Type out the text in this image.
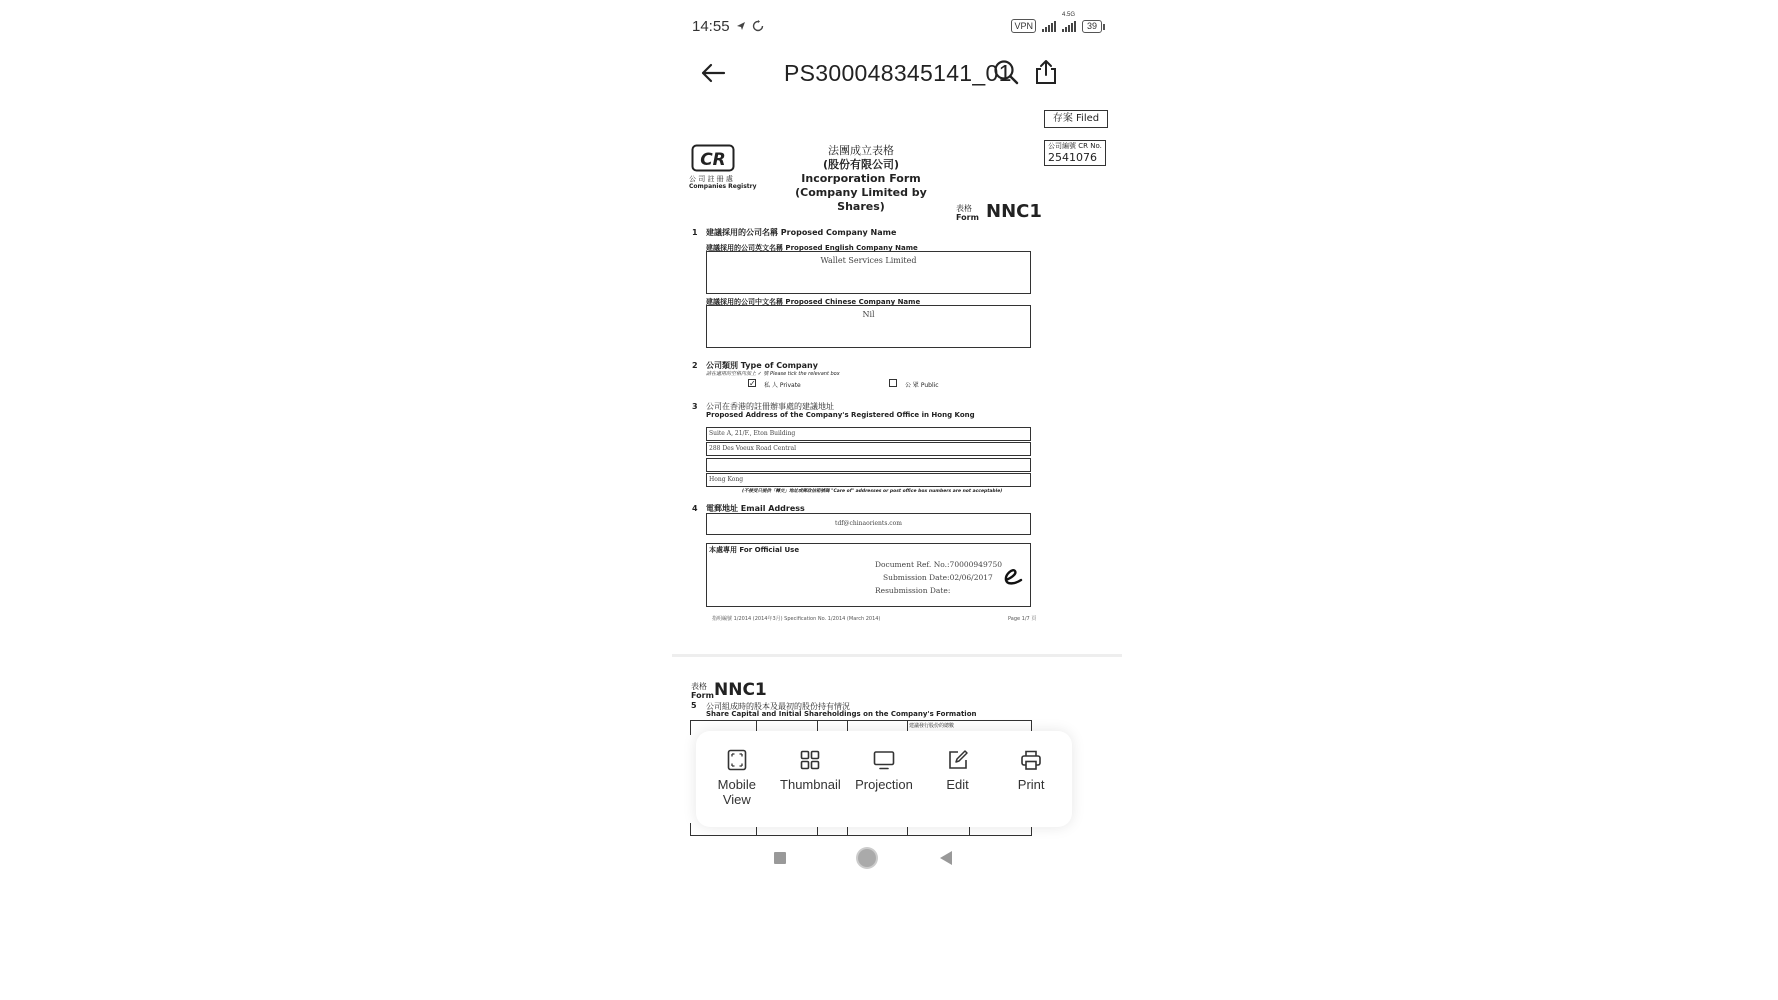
14:55	VPN
4.5G
39
PS300048345141_01
存案 Filed
公司編號 CR No.
2541076
CR
公 司 註 冊 處
Companies Registry
法團成立表格
(股份有限公司)
Incorporation Form
(Company Limited by Shares)	表格
Form NNC1
1 建議採用的公司名稱 Proposed Company Name
建議採用的公司英文名稱 Proposed English Company Name
Wallet Services Limited
建議採用的公司中文名稱 Proposed Chinese Company Name
Nil
2 公司類別 Type of Company
請在適用的空格內加上 ✓ 號 Please tick the relevant box
✓ 私 人 Private	公 眾 Public
3 公司在香港的註冊辦事處的建議地址
Proposed Address of the Company's Registered Office in Hong Kong
Suite A, 21/F., Eton Building
288 Des Voeux Road Central
Hong Kong
(不接受只提供「轉交」地址或郵政信箱號碼 "Care of" addresses or post office box numbers are not acceptable)
4 電郵地址 Email Address
tdf@chinaorients.com
本處專用 For Official Use
Document Ref. No.:70000949750
Submission Date:02/06/2017
Resubmission Date:
指明編號 1/2014 (2014年3月) Specification No. 1/2014 (March 2014)	Page 1/7 頁
表格
Form NNC1
5 公司組成時的股本及最初的股份持有情況
Share Capital and Initial Shareholdings on the Company's Formation
建議發行股份的總數
Mobile View
Thumbnail	Projection	Edit	Print
